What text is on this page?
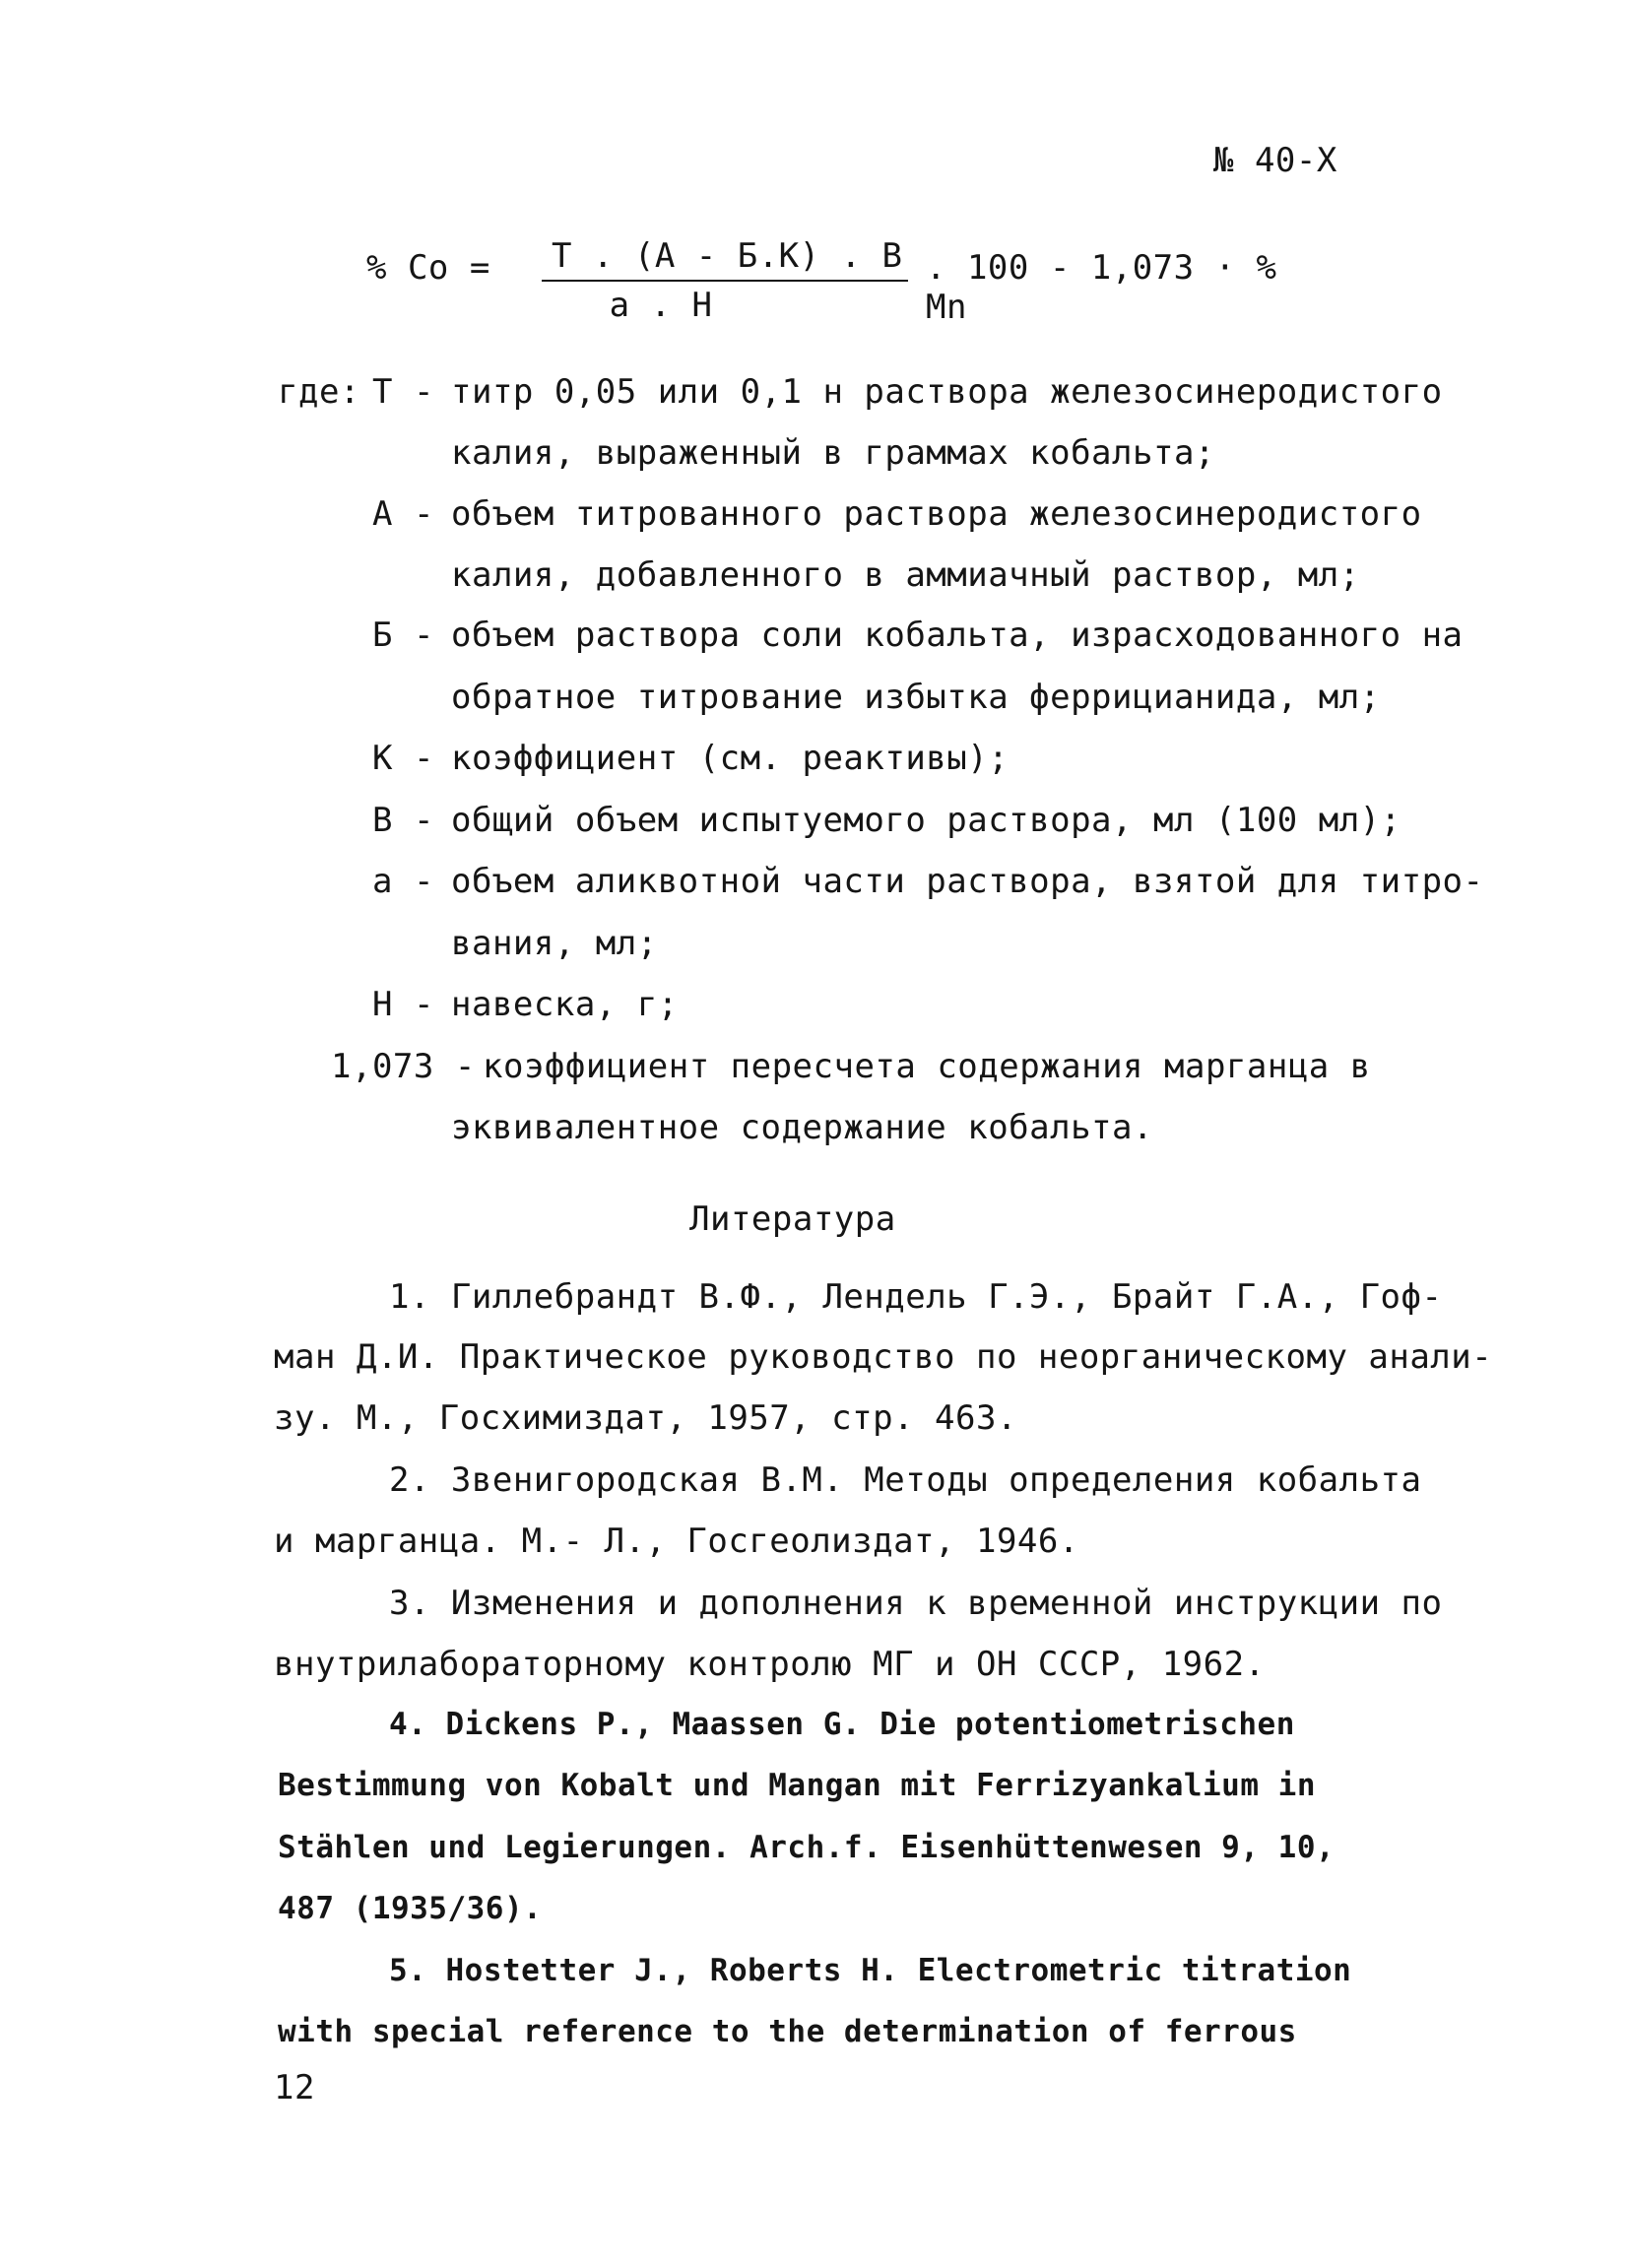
№ 40-Х
% Co = T . (A - Б.К) . В
a . H
. 100 - 1,073 · % Mn
где: Т - титр 0,05 или 0,1 н раствора железосинеродистого
калия, выраженный в граммах кобальта;
А - объем титрованного раствора железосинеродистого
калия, добавленного в аммиачный раствор, мл;
Б - объем раствора соли кобальта, израсходованного на
обратное титрование избытка феррицианида, мл;
К - коэффициент (см. реактивы);
В - общий объем испытуемого раствора, мл (100 мл);
а - объем аликвотной части раствора, взятой для титро-
вания, мл;
Н - навеска, г;
1,073 - коэффициент пересчета содержания марганца в
эквивалентное содержание кобальта.
Литература
1. Гиллебрандт В.Ф., Лендель Г.Э., Брайт Г.А., Гоф-
ман Д.И. Практическое руководство по неорганическому анали-
зу. М., Госхимиздат, 1957, стр. 463.
2. Звенигородская В.М. Методы определения кобальта
и марганца. М.- Л., Госгеолиздат, 1946.
3. Изменения и дополнения к временной инструкции по
внутрилабораторному контролю МГ и ОН СССР, 1962.
4. Dickens P., Maassen G. Die potentiometrischen
Bestimmung von Kobalt und Mangan mit Ferrizyankalium in
Stählen und Legierungen. Arch.f. Eisenhüttenwesen 9, 10,
487 (1935/36).
5. Hostetter J., Roberts H. Electrometric titration
with special reference to the determination of ferrous
12
